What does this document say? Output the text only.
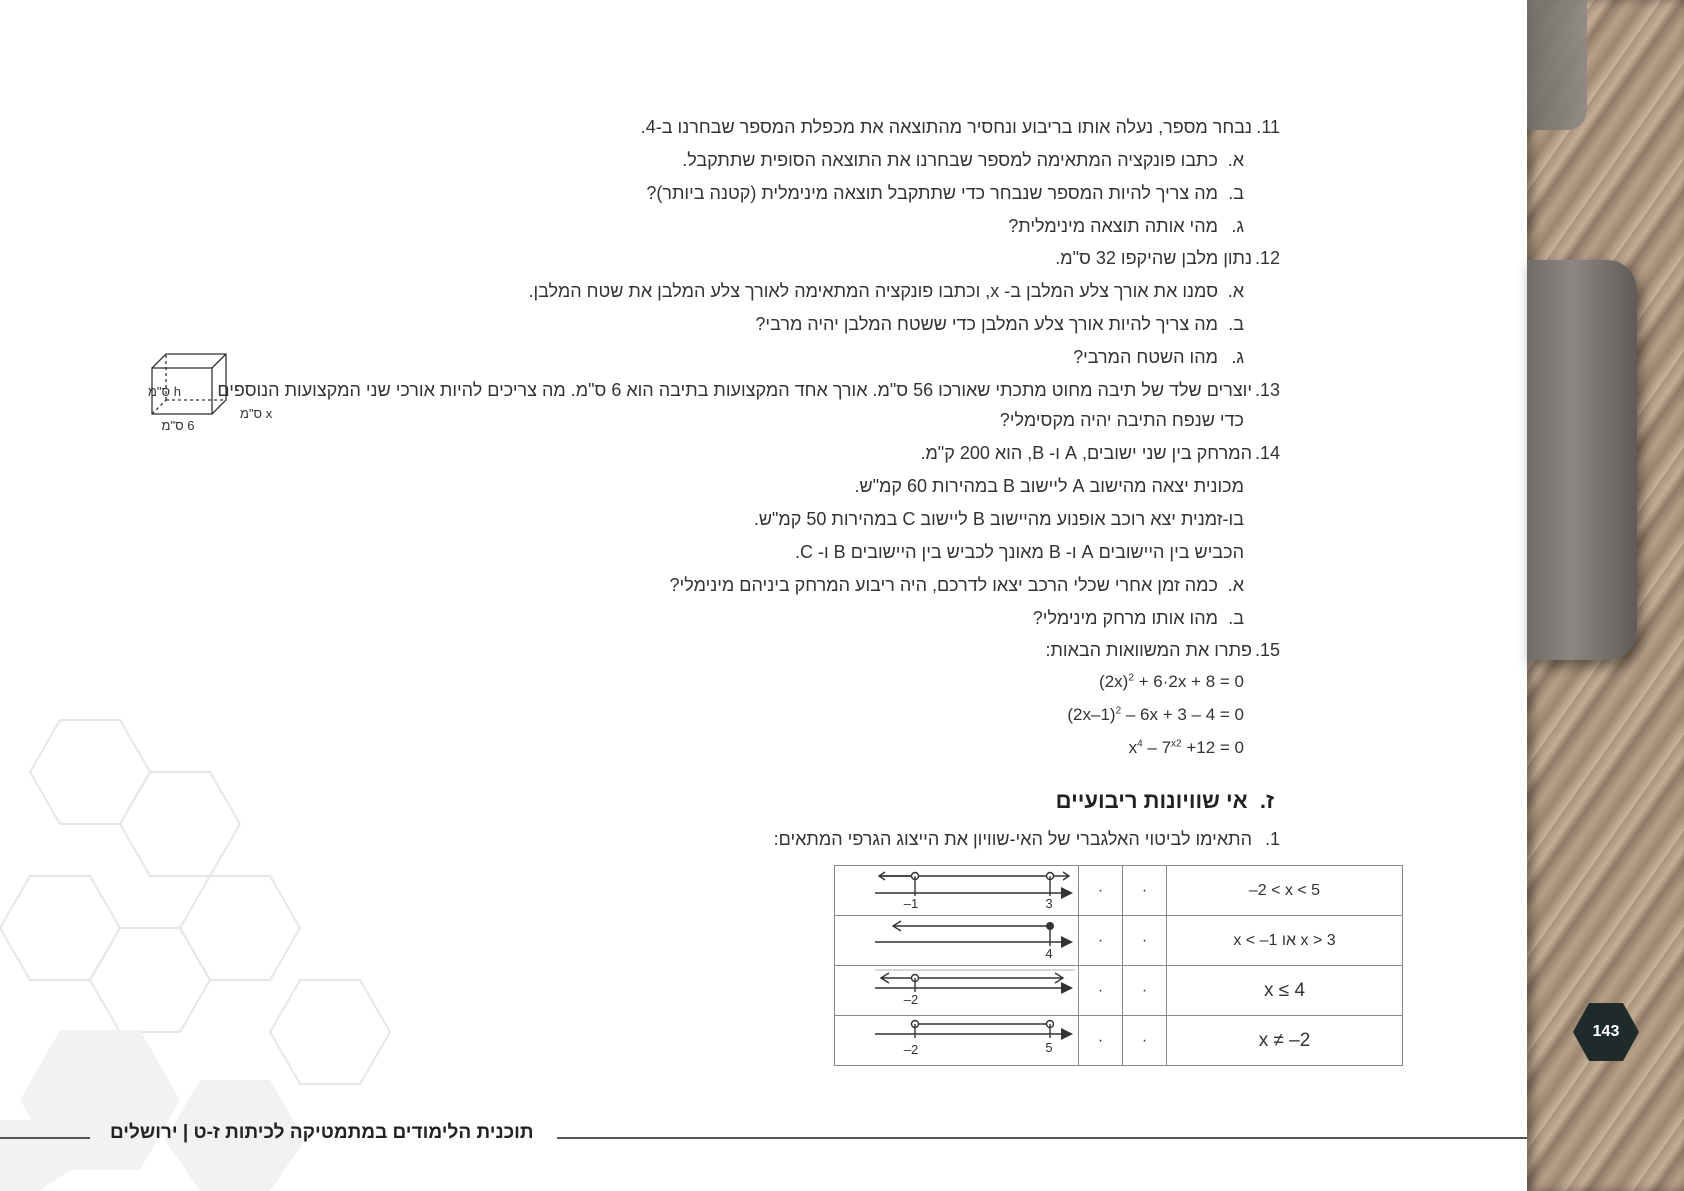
11.נבחר מספר, נעלה אותו בריבוע ונחסיר מהתוצאה את מכפלת המספר שבחרנו ב-4.
א.כתבו פונקציה המתאימה למספר שבחרנו את התוצאה הסופית שתתקבל.
ב.מה צריך להיות המספר שנבחר כדי שתתקבל תוצאה מינימלית (קטנה ביותר)?
ג.מהי אותה תוצאה מינימלית?
12.נתון מלבן שהיקפו 32 ס"מ.
א.סמנו את אורך צלע המלבן ב- x, וכתבו פונקציה המתאימה לאורך צלע המלבן את שטח המלבן.
ב.מה צריך להיות אורך צלע המלבן כדי ששטח המלבן יהיה מרבי?
ג.מהו השטח המרבי?
13.יוצרים שלד של תיבה מחוט מתכתי שאורכו 56 ס"מ. אורך אחד המקצועות בתיבה הוא 6 ס"מ. מה צריכים להיות אורכי שני המקצועות הנוספים
כדי שנפח התיבה יהיה מקסימלי?
h ס"מ
x ס"מ
6 ס"מ
14.המרחק בין שני ישובים, A ו- B, הוא 200 ק"מ.
מכונית יצאה מהישוב A ליישוב B במהירות 60 קמ"ש.
בו-זמנית יצא רוכב אופנוע מהיישוב B ליישוב C במהירות 50 קמ"ש.
הכביש בין היישובים A ו- B מאונך לכביש בין היישובים B ו- C.
א.כמה זמן אחרי שכלי הרכב יצאו לדרכם, היה ריבוע המרחק ביניהם מינימלי?
ב.מהו אותו מרחק מינימלי?
15.פתרו את המשוואות הבאות:
$(2x)^2 + 6\cdot 2x + 8 = 0$
$(2x-1)^2 - 6x + 3 - 4 = 0$
$x^4 - 7^{x2} +12 = 0$
ז.  אי שוויונות ריבועיים
1.התאימו לביטוי האלגברי של האי-שוויון את הייצוג הגרפי המתאים:
–1 3	·	·	–2 < x < 5

4	·	·	x < –1 או x > 3

–2	·	·	x ≤ 4

–2 5	·	·	x ≠ –2
תוכנית הלימודים במתמטיקה לכיתות ז-ט | ירושלים
143
